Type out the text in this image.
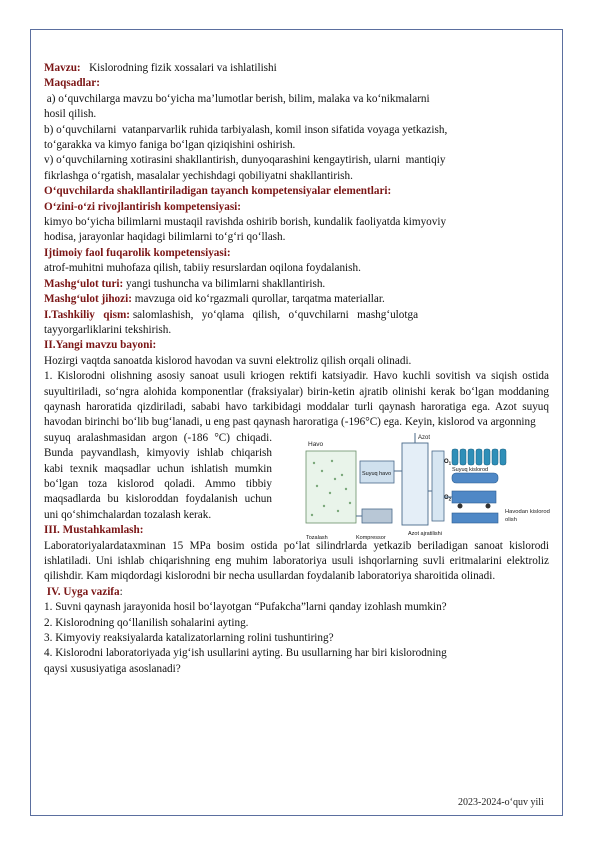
Mavzu: Kislorodning fizik xossalari va ishlatilishi

Maqsadlar:

a) o‘quvchilarga mavzu bo‘yicha ma’lumotlar berish, bilim, malaka va ko‘nikmalarni

hosil qilish.

b) o‘quvchilarni  vatanparvarlik ruhida tarbiyalash, komil inson sifatida voyaga yetkazish,

to‘garakka va kimyo faniga bo‘lgan qiziqishini oshirish.

v) o‘quvchilarning xotirasini shakllantirish, dunyoqarashini kengaytirish, ularni  mantiqiy

fikrlashga o‘rgatish, masalalar yechishdagi qobiliyatni shakllantirish.

O‘quvchilarda shakllantiriladigan tayanch kompetensiyalar elementlari:

O‘zini-o‘zi rivojlantirish kompetensiyasi:

kimyo bo‘yicha bilimlarni mustaqil ravishda oshirib borish, kundalik faoliyatda kimyoviy

hodisa, jarayonlar haqidagi bilimlarni to‘g‘ri qo‘llash.

Ijtimoiy faol fuqarolik kompetensiyasi:

atrof-muhitni muhofaza qilish, tabiiy resurslardan oqilona foydalanish.

Mashg‘ulot turi: yangi tushuncha va bilimlarni shakllantirish.

Mashg‘ulot jihozi: mavzuga oid ko‘rgazmali qurollar, tarqatma materiallar.

I.Tashkiliy   qism: salomlashish,   yo‘qlama   qilish,   o‘quvchilarni   mashg‘ulotga

tayyorgarliklarini tekshirish.

II.Yangi mavzu bayoni:

Hozirgi vaqtda sanoatda kislorod havodan va suvni elektroliz qilish orqali olinadi.

1. Kislorodni olishning asosiy sanoat usuli kriogen rektifi katsiyadir. Havo kuchli sovitish va siqish ostida suyultiriladi, so‘ngra alohida komponentlar (fraksiyalar) birin-ketin ajratib olinishi kerak bo‘lgan moddaning qaynash haroratida qizdiriladi, sababi havo tarkibidagi moddalar turli qaynash haroratiga ega. Azot suyuq havodan birinchi bo‘lib bug‘lanadi, u eng past qaynash haroratiga (-196°C) ega. Keyin, kislorod va argonning

suyuq aralashmasidan argon (-186 °C) chiqadi. Bunda payvandlash, kimyoviy ishlab chiqarish kabi texnik maqsadlar uchun ishlatish mumkin bo‘lgan toza kislorod qoladi. Ammo tibbiy maqsadlarda bu kisloroddan foydalanish uchun uni qo‘shimchalardan tozalash kerak.

Havo
Suyuq havo
Azot
$O_1$
Suyuq kislorod
$O_2$
Tozalash	Kompressor
Azot ajratilishi
Havodan kislorod
olish

III. Mustahkamlash:

Laboratoriyalardataxminan 15 MPa bosim ostida po‘lat silindrlarda yetkazib beriladigan sanoat kislorodi ishlatiladi. Uni ishlab chiqarishning eng muhim laboratoriya usuli ishqorlarning suvli eritmalarini elektroliz qilishdir. Kam miqdordagi kislorodni bir necha usullardan foydalanib laboratoriya sharoitida olinadi.

IV. Uyga vazifa:

1. Suvni qaynash jarayonida hosil bo‘layotgan “Pufakcha”larni qanday izohlash mumkin?

2. Kislorodning qo‘llanilish sohalarini ayting.

3. Kimyoviy reaksiyalarda katalizatorlarning rolini tushuntiring?

4. Kislorodni laboratoriyada yig‘ish usullarini ayting. Bu usullarning har biri kislorodning

qaysi xususiyatiga asoslanadi?

2023-2024-o‘quv yili
